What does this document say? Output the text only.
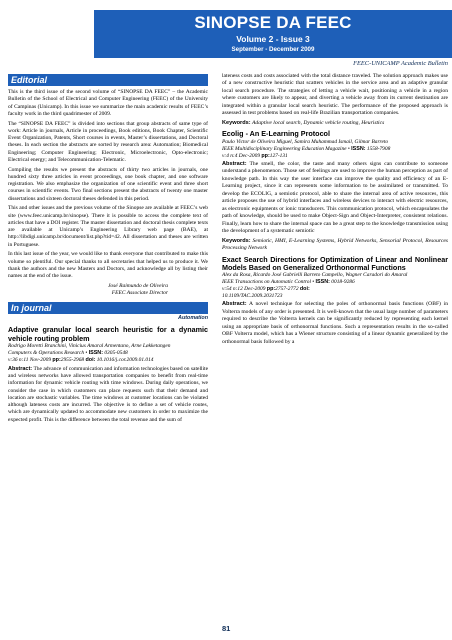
SINOPSE DA FEEC
Volume 2 - Issue 3
September - December 2009
FEEC-UNICAMP Academic Bulletin
Editorial

This is the third issue of the second volume of “SINOPSE DA FEEC” – the Academic Bulletin of the School of Electrical and Computer Engineering (FEEC) of the University of Campinas (Unicamp). In this issue we summarize the main academic results of FEEC’s faculty work in the third quadrimester of 2009.

The “SINOPSE DA FEEC” is divided into sections that group abstracts of same type of work: Article in journals, Article in proceedings, Book editions, Book Chapter, Scientific Event Organization, Patents, Short courses in events, Master’s dissertations, and Doctoral theses. In each section the abstracts are sorted by research area: Automation; Biomedical Engineering; Computer Engineering; Electronic, Microelectronic, Opto-electronic; Electrical energy; and Telecommunication-Telematic.

Compiling the results we present the abstracts of thirty two articles in journals, one hundred sixty three articles in event proceedings, one book chapter, and one software registration. We also emphasize the organization of one scientific event and three short courses in scientific events. Two final sections present the abstracts of twenty one master dissertations and sixteen doctoral theses defended in this period.

This and other issues and the previous volume of the Sinopse are available at FEEC’s web site (www.feec.unicamp.br/sinopse). There it is possible to access the complete text of articles that have a DOI register. The master dissertation and doctoral thesis complete texts are available at Unicamp’s Engineering Library web page (BAE), at http://libdigi.unicamp.br/document/list.php?tid=42. All dissertation and theses are written in Portuguese.

In this last issue of the year, we would like to thank everyone that contributed to make this volume so plentiful. Our special thanks to all secretaries that helped us to produce it. We thank the authors and the new Masters and Doctors, and acknowledge all by listing their names at the end of the issue.

José Raimundo de Oliveira
FEEC Associate Director
In journal
Automation
Adaptive granular local search heuristic for a dynamic vehicle routing problem
Rodrigo Moretti Branchini, Vinicius Amaral Armentano, Arne Løkketangen
Computers & Operations Research • ISSN: 0305-0548
v:36 n:11 Nov-2009 pp:2955-2968 doi: 10.1016/j.cor.2009.01.014

Abstract: The advance of communication and information technologies based on satellite and wireless networks have allowed transportation companies to benefit from real-time information for dynamic vehicle routing with time windows. During daily operations, we consider the case in which customers can place requests such that their demand and location are stochastic variables. The time windows at customer locations can be violated although lateness costs are incurred. The objective is to define a set of vehicle routes, which are dynamically updated to accommodate new customers in order to maximize the expected profit. This is the difference between the total revenue and the sum of

lateness costs and costs associated with the total distance traveled. The solution approach makes use of a new constructive heuristic that scatters vehicles in the service area and an adaptive granular local search procedure. The strategies of letting a vehicle wait, positioning a vehicle in a region where customers are likely to appear, and diverting a vehicle away from its current destination are integrated within a granular local search heuristic. The performance of the proposed approach is assessed in test problems based on real-life Brazilian transportation companies.

Keywords: Adaptive local search, Dynamic vehicle routing, Heuristics

Ecolig - An E-Learning Protocol
Paulo Victor de Oliveira Miguel, Samira Muhammad Ismail, Gilmar Barreto
IEEE Multidisciplinary Engineering Education Magazine • ISSN: 1558-7908
v:4 n:4 Dec-2009 pp:127-131

Abstract: The smell, the color, the taste and many others signs can contribute to someone understand a phenomenon. Those set of feelings are used to improve the human perception as part of knowledge path. In this way the user interface can improve the quality and efficiency of an E-Learning project, since it can represents some information to be assimilated or transmitted. To develop the ECOLIG, a semiotic protocol, able to share the internal area of active resources, this article proposes the use of hybrid interfaces and wireless devices to interact with electric resources, as electronic equipments or ionic transducers. This communication protocol, which encapsulates the path of knowledge, should be used to make Object-Sign and Object-Interpreter, consistent relations. Finally, learn how to share the internal space can be a great step to the knowledge transmission using the development of a systematic semiotic

Keywords: Semiotic, HMI, E-Learning Systems, Hybrid Networks, Sensorial Protocol, Resources Processing Network

Exact Search Directions for Optimization of Linear and Nonlinear Models Based on Generalized Orthonormal Functions
Alex da Rosa, Ricardo José Gabrielli Barreto Campello, Wagner Caradori do Amaral
IEEE Transactions on Automatic Control • ISSN: 0018-9286
v:54 n:12 Dec-2009 pp:2757-2772 doi:
10.1109/TAC.2009.2031723

Abstract: A novel technique for selecting the poles of orthonormal basis functions (OBF) in Volterra models of any order is presented. It is well-known that the usual large number of parameters required to describe the Volterra kernels can be significantly reduced by representing each kernel using an appropriate basis of orthonormal functions. Such a representation results in the so-called OBF Volterra model, which has a Wiener structure consisting of a linear dynamic generalized by the orthonormal basis followed by a

81
